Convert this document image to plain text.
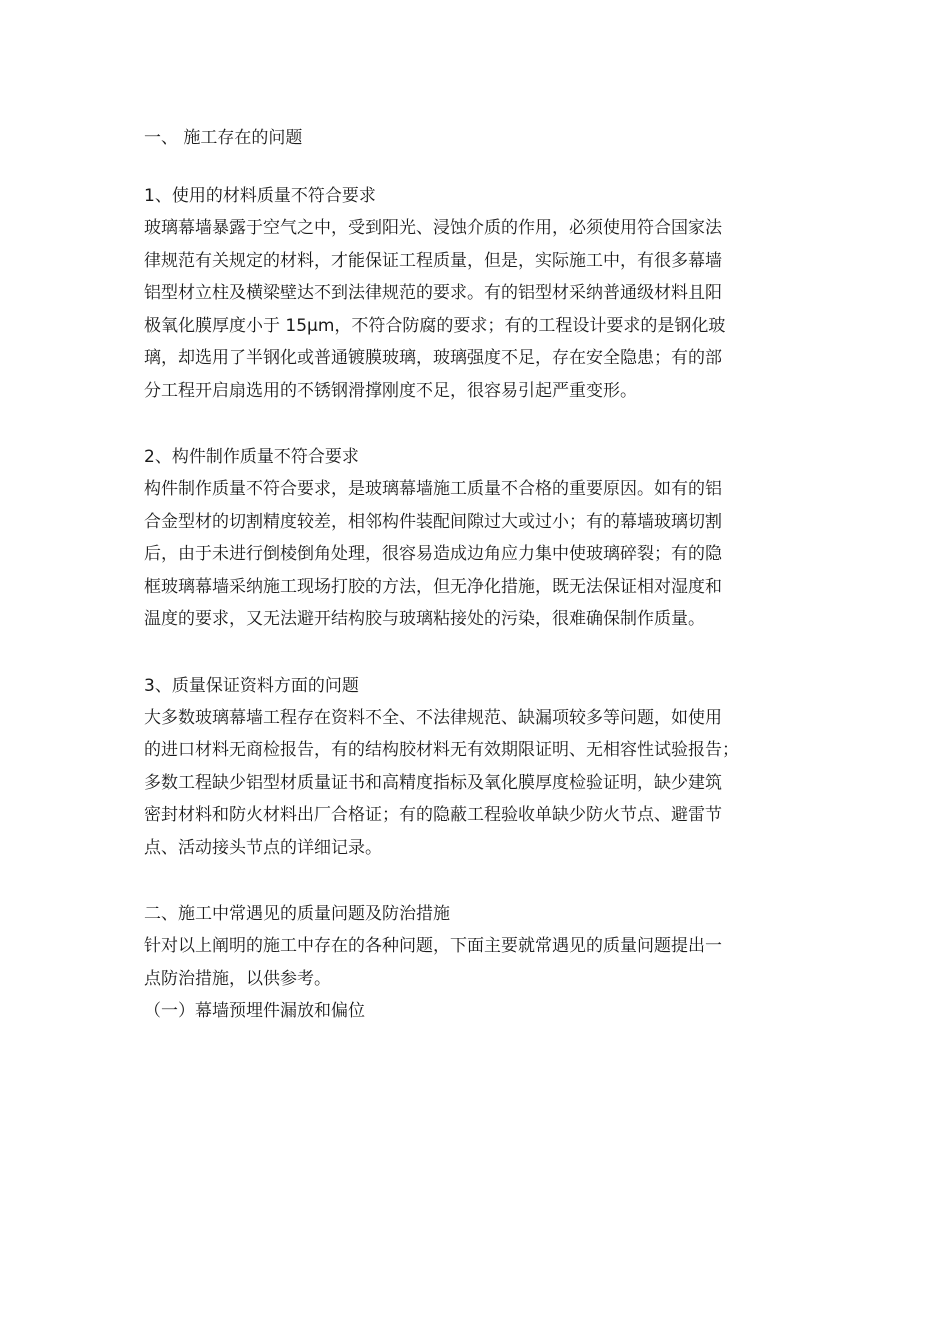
一、 施工存在的问题
1、使用的材料质量不符合要求
玻璃幕墙暴露于空气之中，受到阳光、浸蚀介质的作用，必须使用符合国家法
律规范有关规定的材料，才能保证工程质量，但是，实际施工中，有很多幕墙
铝型材立柱及横梁壁达不到法律规范的要求。有的铝型材采纳普通级材料且阳
极氧化膜厚度小于 15μm，不符合防腐的要求；有的工程设计要求的是钢化玻
璃，却选用了半钢化或普通镀膜玻璃，玻璃强度不足，存在安全隐患；有的部
分工程开启扇选用的不锈钢滑撑刚度不足，很容易引起严重变形。
2、构件制作质量不符合要求
构件制作质量不符合要求，是玻璃幕墙施工质量不合格的重要原因。如有的铝
合金型材的切割精度较差，相邻构件装配间隙过大或过小；有的幕墙玻璃切割
后，由于未进行倒棱倒角处理，很容易造成边角应力集中使玻璃碎裂；有的隐
框玻璃幕墙采纳施工现场打胶的方法，但无净化措施，既无法保证相对湿度和
温度的要求，又无法避开结构胶与玻璃粘接处的污染，很难确保制作质量。
3、质量保证资料方面的问题
大多数玻璃幕墙工程存在资料不全、不法律规范、缺漏项较多等问题，如使用
的进口材料无商检报告，有的结构胶材料无有效期限证明、无相容性试验报告；
多数工程缺少铝型材质量证书和高精度指标及氧化膜厚度检验证明，缺少建筑
密封材料和防火材料出厂合格证；有的隐蔽工程验收单缺少防火节点、避雷节
点、活动接头节点的详细记录。
二、施工中常遇见的质量问题及防治措施
针对以上阐明的施工中存在的各种问题，下面主要就常遇见的质量问题提出一
点防治措施，以供参考。
（一）幕墙预埋件漏放和偏位
